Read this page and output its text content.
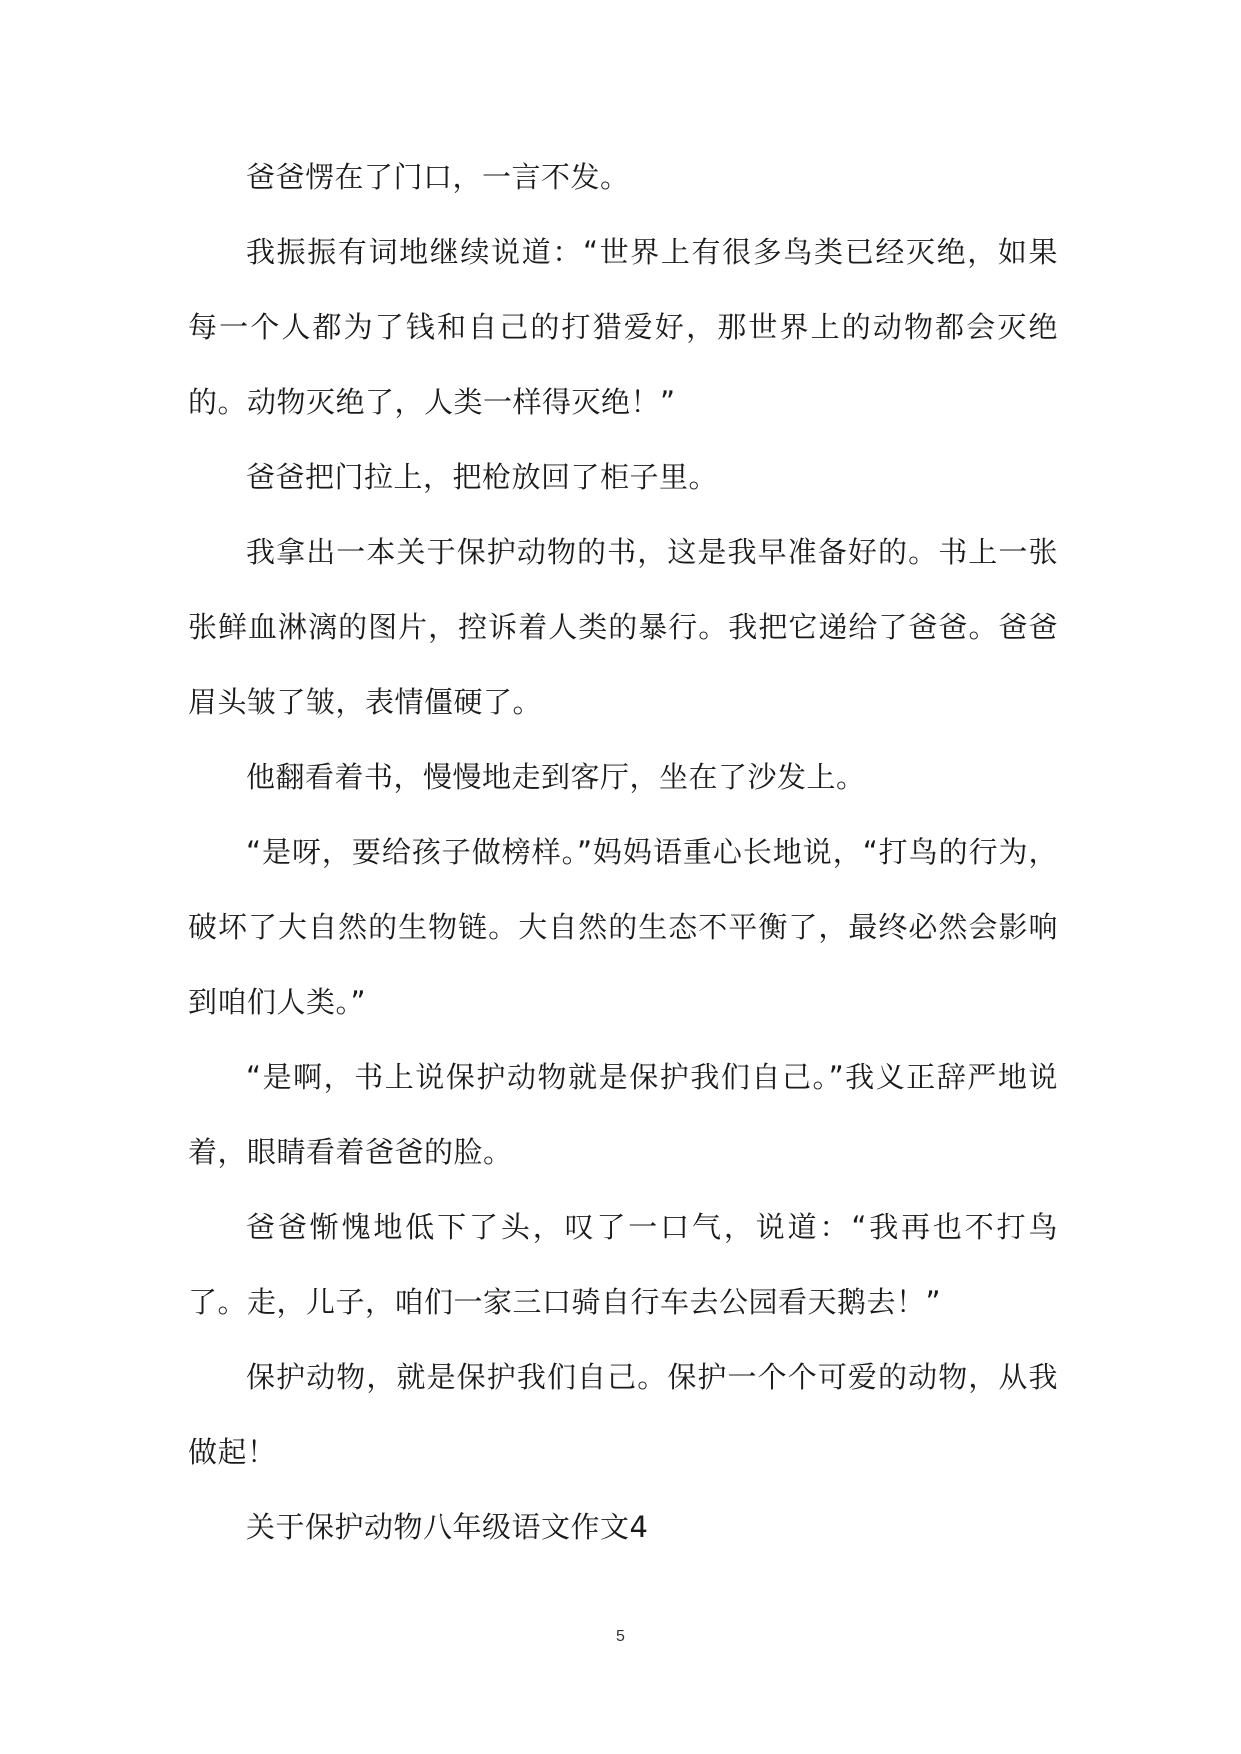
爸爸愣在了门口，一言不发。

我振振有词地继续说道：“世界上有很多鸟类已经灭绝，如果每一个人都为了钱和自己的打猎爱好，那世界上的动物都会灭绝的。动物灭绝了，人类一样得灭绝！”

爸爸把门拉上，把枪放回了柜子里。

我拿出一本关于保护动物的书，这是我早准备好的。书上一张张鲜血淋漓的图片，控诉着人类的暴行。我把它递给了爸爸。爸爸眉头皱了皱，表情僵硬了。

他翻看着书，慢慢地走到客厅，坐在了沙发上。

“是呀，要给孩子做榜样。”妈妈语重心长地说，“打鸟的行为，破坏了大自然的生物链。大自然的生态不平衡了，最终必然会影响到咱们人类。”

“是啊，书上说保护动物就是保护我们自己。”我义正辞严地说着，眼睛看着爸爸的脸。

爸爸惭愧地低下了头，叹了一口气，说道：“我再也不打鸟了。走，儿子，咱们一家三口骑自行车去公园看天鹅去！”

保护动物，就是保护我们自己。保护一个个可爱的动物，从我做起！

关于保护动物八年级语文作文4

5
